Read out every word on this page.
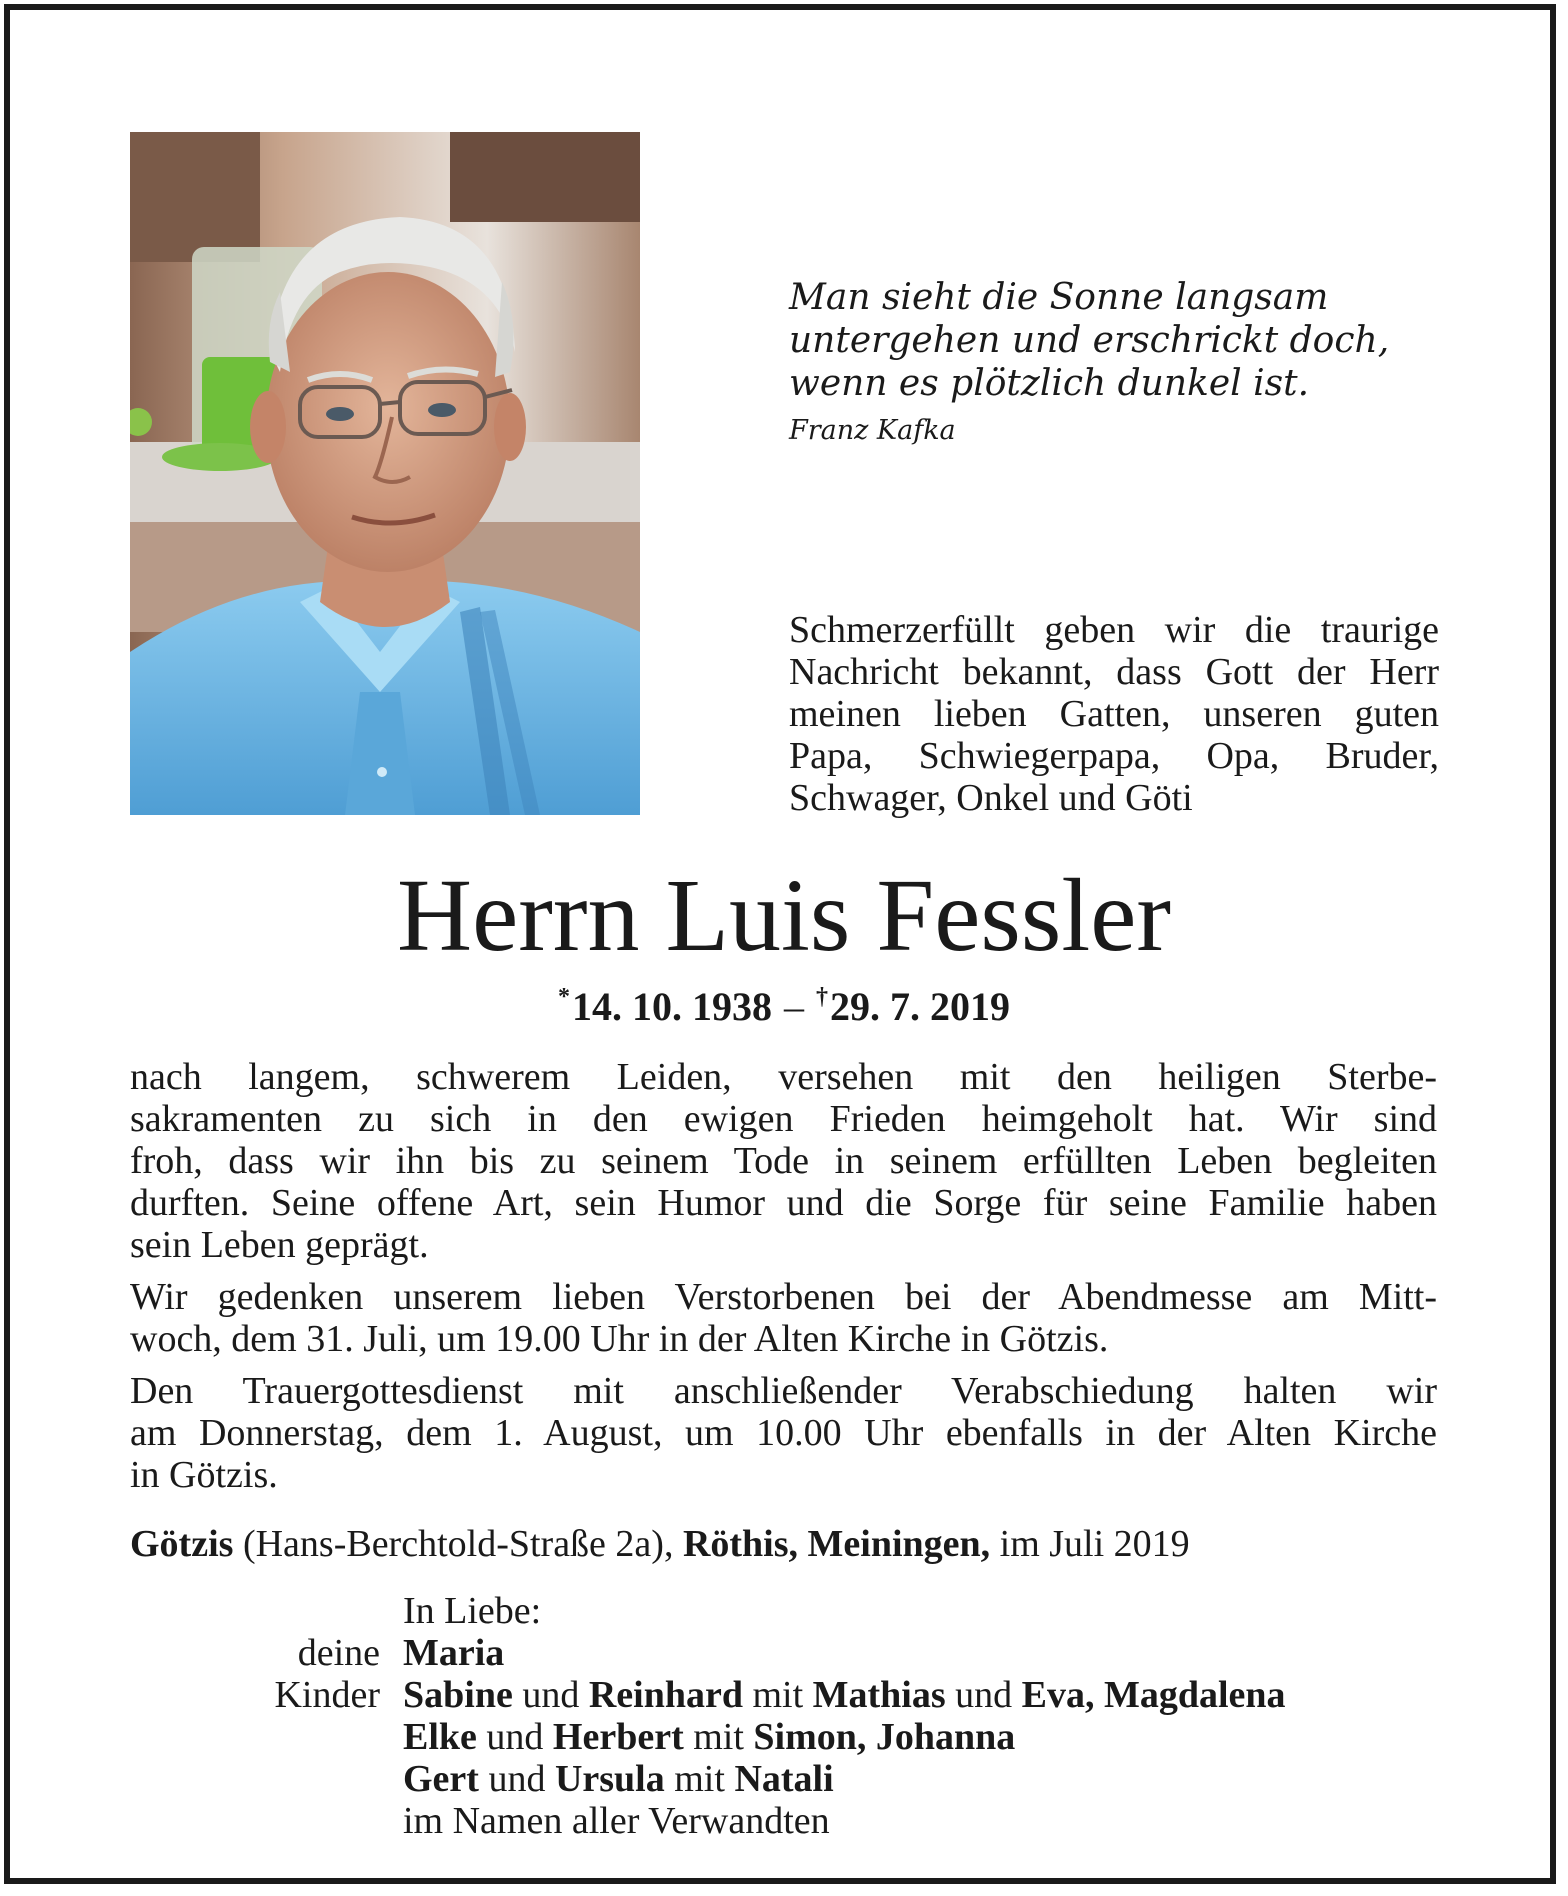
Man sieht die Sonne langsam
untergehen und erschrickt doch,
wenn es plötzlich dunkel ist.
Franz Kafka
Schmerzerfüllt geben wir die traurige
Nachricht bekannt, dass Gott der Herr
meinen lieben Gatten, unseren guten
Papa, Schwiegerpapa, Opa, Bruder,
Schwager, Onkel und Göti
Herrn Luis Fessler
*14. 10. 1938 – †29. 7. 2019
nach langem, schwerem Leiden, versehen mit den heiligen Sterbe-
sakramenten zu sich in den ewigen Frieden heimgeholt hat. Wir sind
froh, dass wir ihn bis zu seinem Tode in seinem erfüllten Leben begleiten
durften. Seine offene Art, sein Humor und die Sorge für seine Familie haben
sein Leben geprägt.
Wir gedenken unserem lieben Verstorbenen bei der Abendmesse am Mitt-
woch, dem 31. Juli, um 19.00 Uhr in der Alten Kirche in Götzis.
Den Trauergottesdienst mit anschließender Verabschiedung halten wir
am Donnerstag, dem 1. August, um 10.00 Uhr ebenfalls in der Alten Kirche
in Götzis.
Götzis (Hans-Berchtold-Straße 2a), Röthis, Meiningen, im Juli 2019
In Liebe:
deine Maria
Kinder Sabine und Reinhard mit Mathias und Eva, Magdalena
Elke und Herbert mit Simon, Johanna
Gert und Ursula mit Natali
im Namen aller Verwandten
